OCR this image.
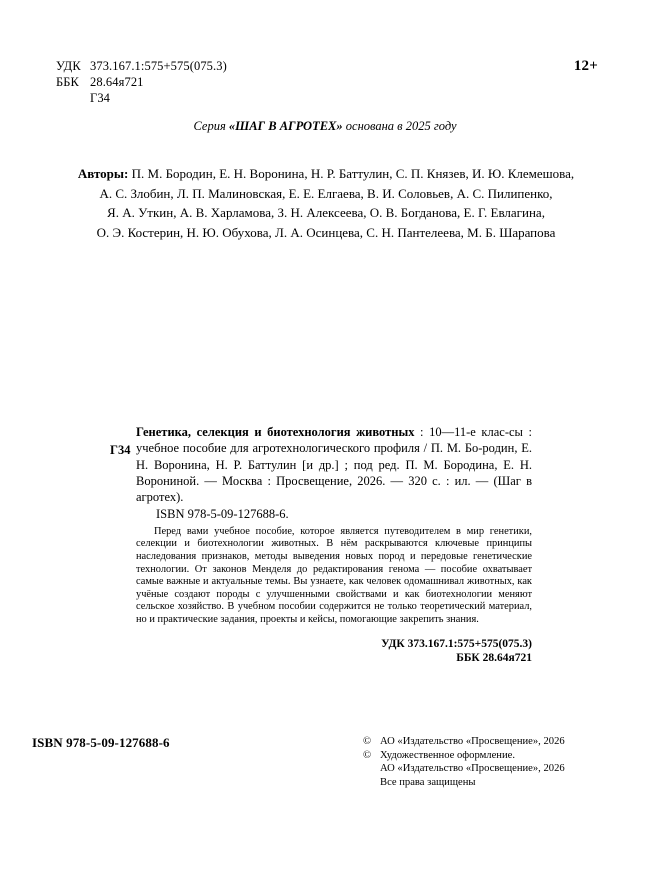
УДК 373.167.1:575+575(075.3)
ББК 28.64я721
Г34
12+
Серия «ШАГ В АГРОТЕХ» основана в 2025 году
Авторы: П. М. Бородин, Е. Н. Воронина, Н. Р. Баттулин, С. П. Князев, И. Ю. Клемешова,
А. С. Злобин, Л. П. Малиновская, Е. Е. Елгаева, В. И. Соловьев, А. С. Пилипенко,
Я. А. Уткин, А. В. Харламова, З. Н. Алексеева, О. В. Богданова, Е. Г. Евлагина,
О. Э. Костерин, Н. Ю. Обухова, Л. А. Осинцева, С. Н. Пантелеева, М. Б. Шарапова
Г34
Генетика, селекция и биотехнология животных : 10—11-е клас-сы : учебное пособие для агротехнологического профиля / П. М. Бо-родин, Е. Н. Воронина, Н. Р. Баттулин [и др.] ; под ред. П. М. Бородина, Е. Н. Ворониной. — Москва : Просвещение, 2026. — 320 с. : ил. — (Шаг в агротех).
ISBN 978-5-09-127688-6.
Перед вами учебное пособие, которое является путеводителем в мир генетики, селекции и биотехнологии животных. В нём раскрываются ключевые принципы наследования признаков, методы выведения новых пород и передовые генетические технологии. От законов Менделя до редактирования генома — пособие охватывает самые важные и актуальные темы. Вы узнаете, как человек одомашнивал животных, как учёные создают породы с улучшенными свойствами и как биотехнологии меняют сельское хозяйство. В учебном пособии содержится не только теоретический материал, но и практические задания, проекты и кейсы, помогающие закрепить знания.
УДК 373.167.1:575+575(075.3)
ББК 28.64я721
ISBN 978-5-09-127688-6	© АО «Издательство «Просвещение», 2026
© Художественное оформление.
АО «Издательство «Просвещение», 2026
Все права защищены
